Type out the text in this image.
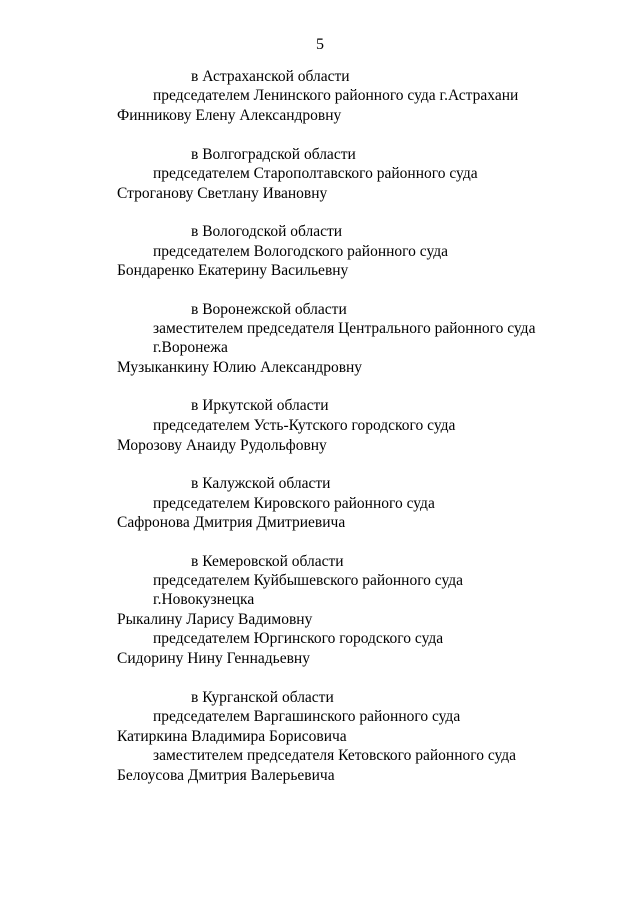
5
в Астраханской области
председателем Ленинского районного суда г.Астрахани
Финникову Елену Александровну
в Волгоградской области
председателем Старополтавского районного суда
Строганову Светлану Ивановну
в Вологодской области
председателем Вологодского районного суда
Бондаренко Екатерину Васильевну
в Воронежской области
заместителем председателя Центрального районного суда
г.Воронежа
Музыканкину Юлию Александровну
в Иркутской области
председателем Усть-Кутского городского суда
Морозову Анаиду Рудольфовну
в Калужской области
председателем Кировского районного суда
Сафронова Дмитрия Дмитриевича
в Кемеровской области
председателем Куйбышевского районного суда
г.Новокузнецка
Рыкалину Ларису Вадимовну
председателем Юргинского городского суда
Сидорину Нину Геннадьевну
в Курганской области
председателем Варгашинского районного суда
Катиркина Владимира Борисовича
заместителем председателя Кетовского районного суда
Белоусова Дмитрия Валерьевича
